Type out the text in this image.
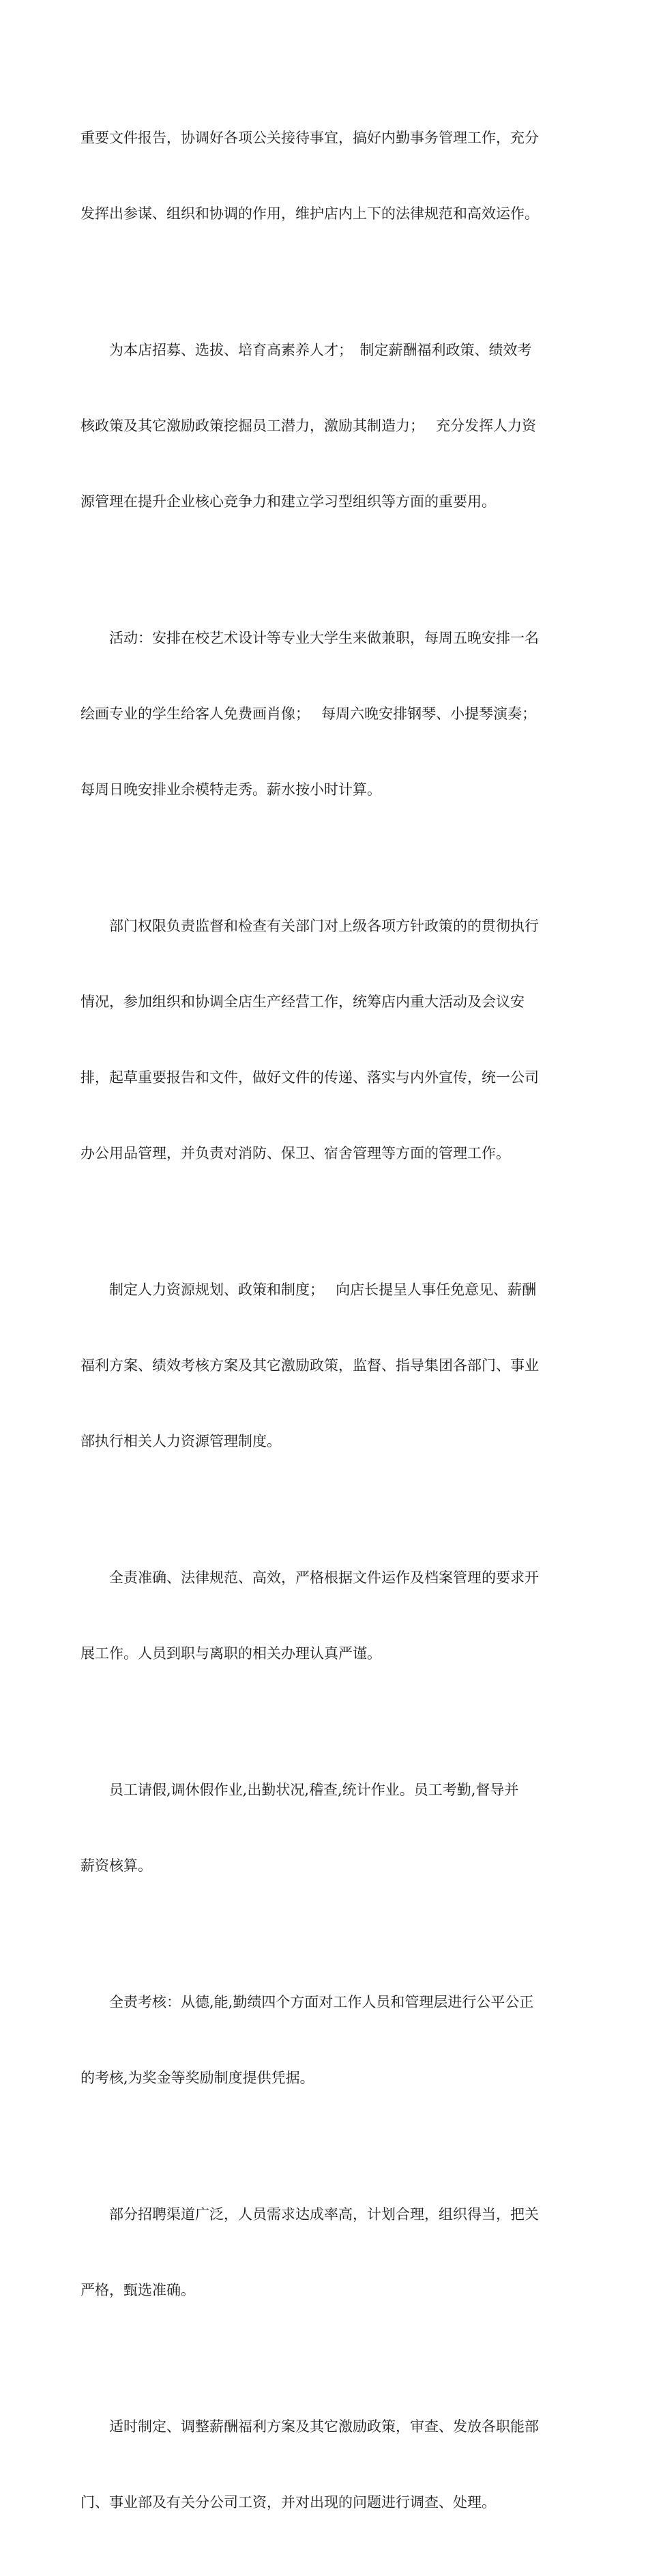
重要文件报告，协调好各项公关接待事宜，搞好内勤事务管理工作，充分

发挥出参谋、组织和协调的作用，维护店内上下的法律规范和高效运作。

为本店招募、选拔、培育高素养人才；　制定薪酬福利政策、绩效考

核政策及其它激励政策挖掘员工潜力，激励其制造力；　 充分发挥人力资

源管理在提升企业核心竞争力和建立学习型组织等方面的重要用。

活动：安排在校艺术设计等专业大学生来做兼职，每周五晚安排一名

绘画专业的学生给客人免费画肖像；　 每周六晚安排钢琴、小提琴演奏；

每周日晚安排业余模特走秀。薪水按小时计算。

部门权限负责监督和检查有关部门对上级各项方针政策的的贯彻执行

情况，参加组织和协调全店生产经营工作，统筹店内重大活动及会议安

排，起草重要报告和文件，做好文件的传递、落实与内外宣传，统一公司

办公用品管理，并负责对消防、保卫、宿舍管理等方面的管理工作。

制定人力资源规划、政策和制度；　 向店长提呈人事任免意见、薪酬

福利方案、绩效考核方案及其它激励政策，监督、指导集团各部门、事业

部执行相关人力资源管理制度。

全责准确、法律规范、高效，严格根据文件运作及档案管理的要求开

展工作。人员到职与离职的相关办理认真严谨。

员工请假,调休假作业,出勤状况,稽查,统计作业。员工考勤,督导并

薪资核算。

全责考核：从德,能,勤绩四个方面对工作人员和管理层进行公平公正

的考核,为奖金等奖励制度提供凭据。

部分招聘渠道广泛，人员需求达成率高，计划合理，组织得当，把关

严格，甄选准确。

适时制定、调整薪酬福利方案及其它激励政策，审查、发放各职能部

门、事业部及有关分公司工资，并对出现的问题进行调查、处理。
